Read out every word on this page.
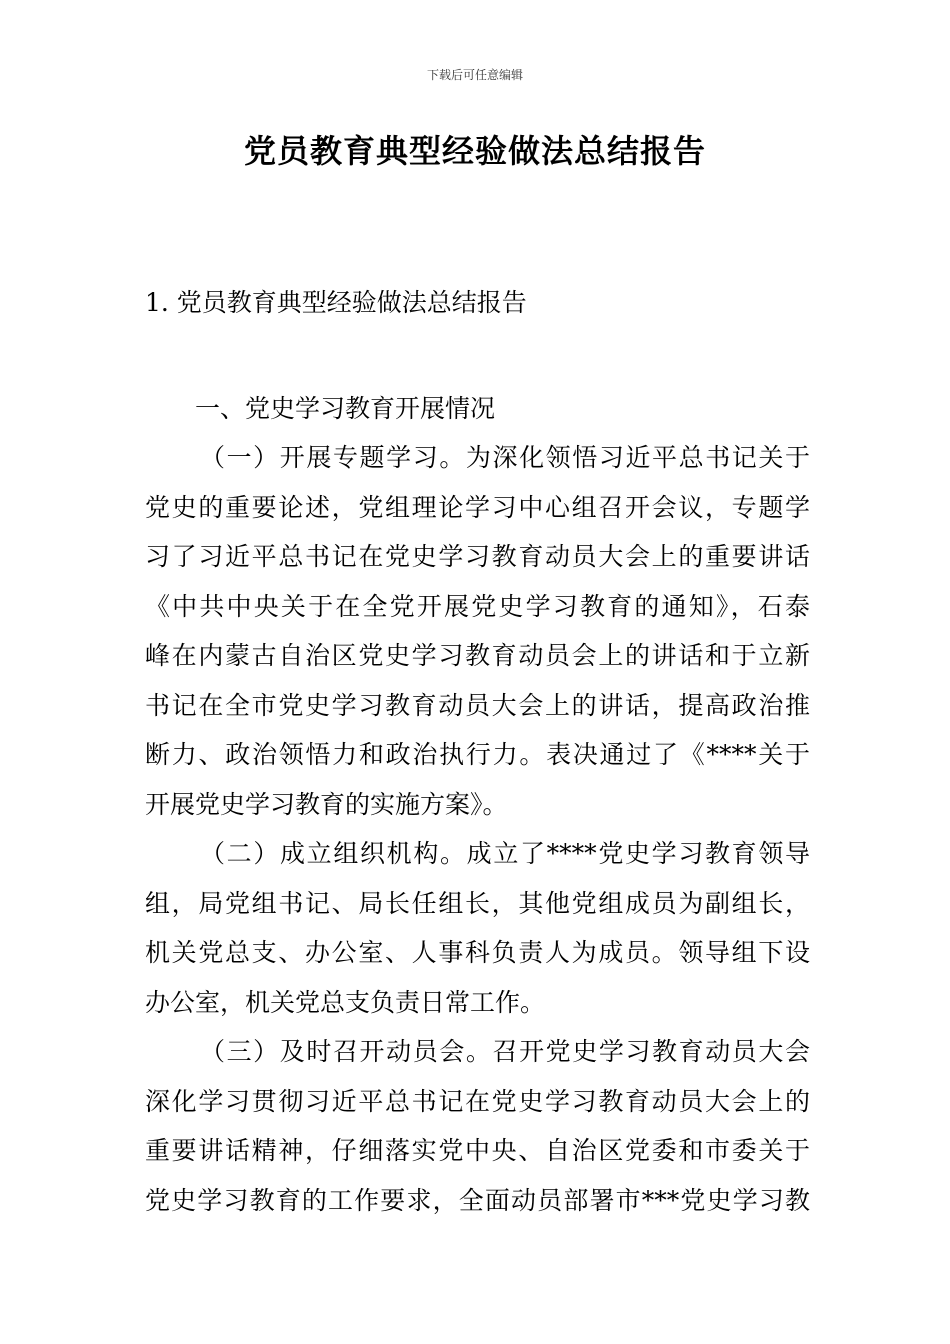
下载后可任意编辑
党员教育典型经验做法总结报告
1. 党员教育典型经验做法总结报告
一、党史学习教育开展情况
（一）开展专题学习。为深化领悟习近平总书记关于
党史的重要论述，党组理论学习中心组召开会议，专题学
习了习近平总书记在党史学习教育动员大会上的重要讲话
《中共中央关于在全党开展党史学习教育的通知》，石泰
峰在内蒙古自治区党史学习教育动员会上的讲话和于立新
书记在全市党史学习教育动员大会上的讲话，提高政治推
断力、政治领悟力和政治执行力。表决通过了《****关于
开展党史学习教育的实施方案》。
（二）成立组织机构。成立了****党史学习教育领导
组，局党组书记、局长任组长，其他党组成员为副组长，
机关党总支、办公室、人事科负责人为成员。领导组下设
办公室，机关党总支负责日常工作。
（三）及时召开动员会。召开党史学习教育动员大会
深化学习贯彻习近平总书记在党史学习教育动员大会上的
重要讲话精神，仔细落实党中央、自治区党委和市委关于
党史学习教育的工作要求，全面动员部署市***党史学习教
